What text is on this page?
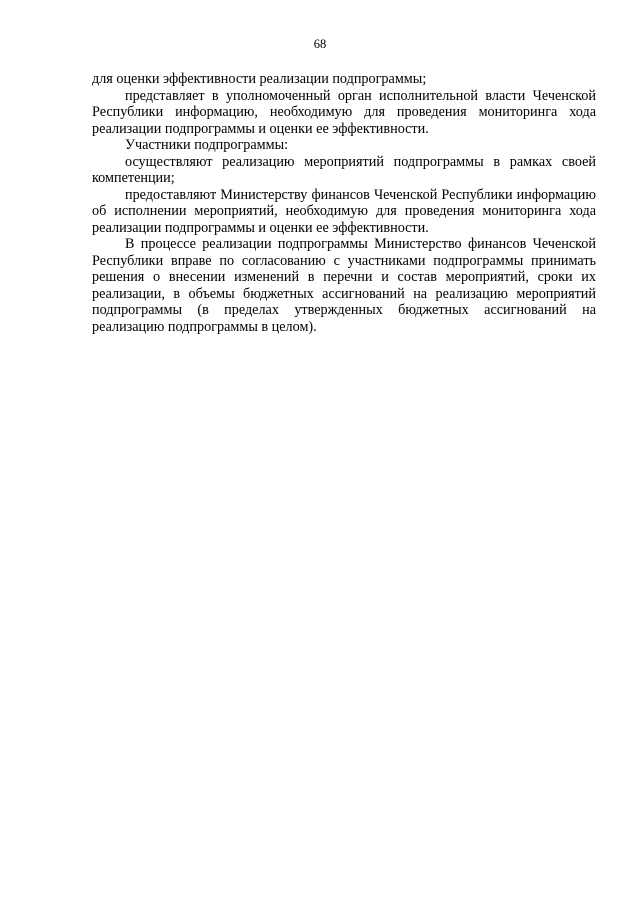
68

для оценки эффективности реализации подпрограммы;

представляет в уполномоченный орган исполнительной власти Чеченской Республики информацию, необходимую для проведения мониторинга хода реализации подпрограммы и оценки ее эффективности.

Участники подпрограммы:

осуществляют реализацию мероприятий подпрограммы в рамках своей компетенции;

предоставляют Министерству финансов Чеченской Республики информацию об исполнении мероприятий, необходимую для проведения мониторинга хода реализации подпрограммы и оценки ее эффективности.

В процессе реализации подпрограммы Министерство финансов Чеченской Республики вправе по согласованию с участниками подпрограммы принимать решения о внесении изменений в перечни и состав мероприятий, сроки их реализации, в объемы бюджетных ассигнований на реализацию мероприятий подпрограммы (в пределах утвержденных бюджетных ассигнований на реализацию подпрограммы в целом).
